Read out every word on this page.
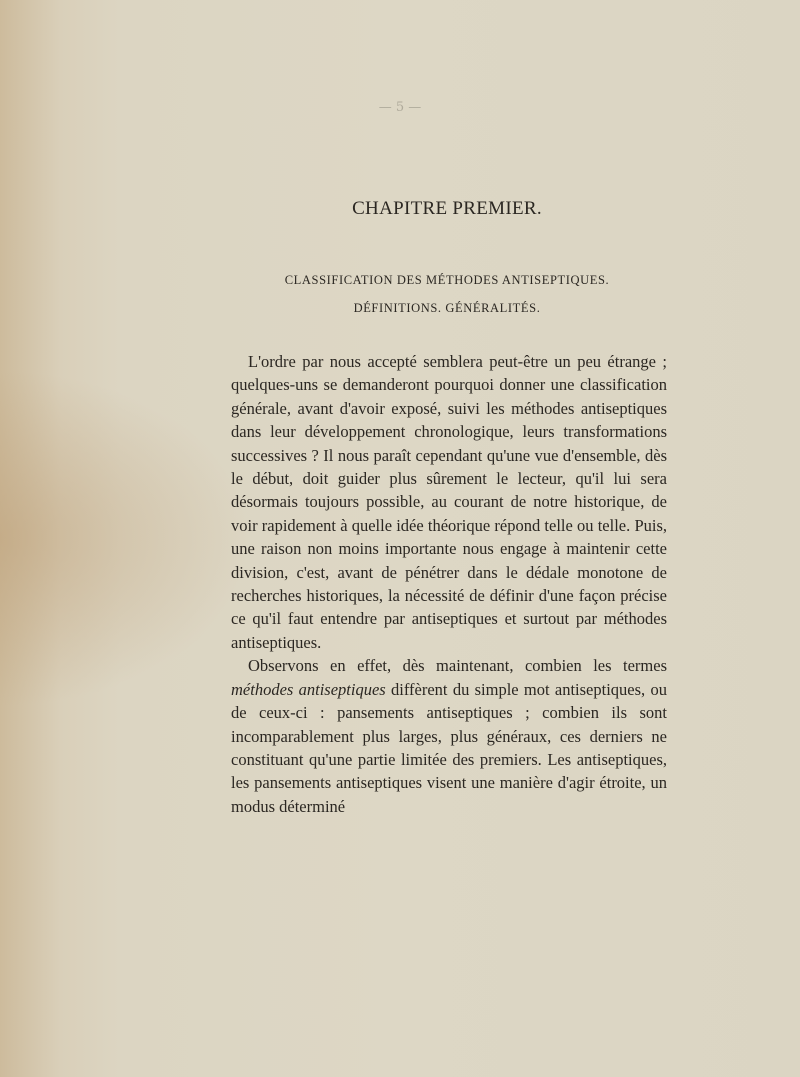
— 5 —
CHAPITRE PREMIER.
CLASSIFICATION DES MÉTHODES ANTISEPTIQUES.
DÉFINITIONS. GÉNÉRALITÉS.

L'ordre par nous accepté semblera peut-être un peu étrange ; quelques-uns se demanderont pourquoi donner une classification générale, avant d'avoir exposé, suivi les méthodes antiseptiques dans leur développement chronologique, leurs transformations successives ? Il nous paraît cependant qu'une vue d'ensemble, dès le début, doit guider plus sûrement le lecteur, qu'il lui sera désormais toujours possible, au courant de notre historique, de voir rapidement à quelle idée théorique répond telle ou telle. Puis, une raison non moins importante nous engage à maintenir cette division, c'est, avant de pénétrer dans le dédale monotone de recherches historiques, la nécessité de définir d'une façon précise ce qu'il faut entendre par antiseptiques et surtout par méthodes antiseptiques.

Observons en effet, dès maintenant, combien les termes méthodes antiseptiques diffèrent du simple mot antiseptiques, ou de ceux-ci : pansements antiseptiques ; combien ils sont incomparablement plus larges, plus généraux, ces derniers ne constituant qu'une partie limitée des premiers. Les antiseptiques, les pansements antiseptiques visent une manière d'agir étroite, un modus déterminé
